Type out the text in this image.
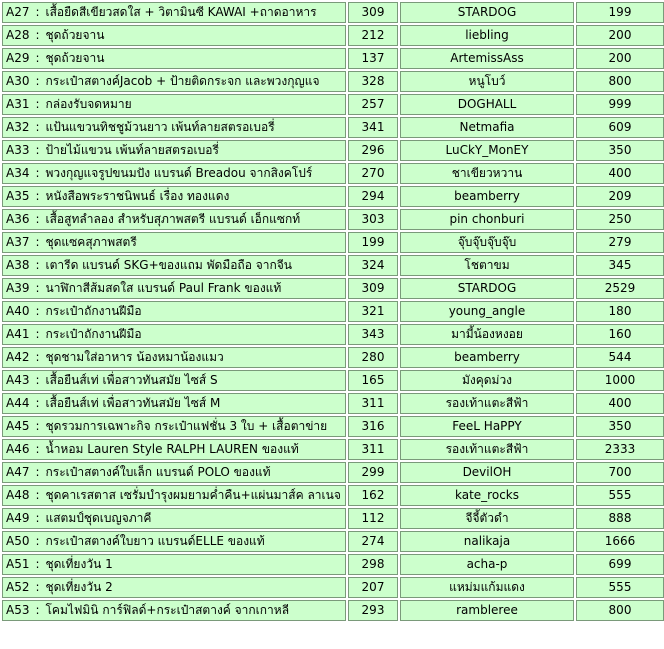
A27 : เสื้อยืดสีเขียวสดใส + วิตามินซี KAWAI +ถาดอาหาร	309	STARDOG	199
A28 : ชุดถ้วยจาน	212	liebling	200
A29 : ชุดถ้วยจาน	137	ArtemissAss	200
A30 : กระเป๋าสตางค์Jacob + ป้ายติดกระจก และพวงกุญแจ	328	หนูโบว์	800
A31 : กล่องรับจดหมาย	257	DOGHALL	999
A32 : แป้นแขวนทิชชูม้วนยาว เพ้นท์ลายสตรอเบอรี่	341	Netmafia	609
A33 : ป้ายไม้แขวน เพ้นท์ลายสตรอเบอรี่	296	LuCkY_MonEY	350
A34 : พวงกุญแจรูปขนมปัง แบรนด์ Breadou จากสิงคโปร์	270	ชาเขียวหวาน	400
A35 : หนังสือพระราชนิพนธ์ เรื่อง ทองแดง	294	beamberry	209
A36 : เสื้อสูทลำลอง สำหรับสุภาพสตรี แบรนด์ เอ็กแซกท์	303	pin chonburi	250
A37 : ชุดแซคสุภาพสตรี	199	จุ๊บจุ๊บจุ๊บจุ๊บ	279
A38 : เตารีด แบรนด์ SKG+ของแถม พัดมือถือ จากจีน	324	โชตาขม	345
A39 : นาฬิกาสีส้มสดใส แบรนด์ Paul Frank ของแท้	309	STARDOG	2529
A40 : กระเป๋าถักงานฝีมือ	321	young_angle	180
A41 : กระเป๋าถักงานฝีมือ	343	มามี้น้องหงอย	160
A42 : ชุดชามใส่อาหาร น้องหมาน้องแมว	280	beamberry	544
A43 : เสื้อยืนส์เท่ เพื่อสาวทันสมัย ไซส์ S	165	มังคุดม่วง	1000
A44 : เสื้อยืนส์เท่ เพื่อสาวทันสมัย ไซส์ M	311	รองเท้าแตะสีฟ้า	400
A45 : ชุดรวมการเฉพาะกิจ กระเป๋าแฟชั่น 3 ใบ + เสื้อตาข่าย	316	FeeL HaPPY	350
A46 : น้ำหอม Lauren Style RALPH LAUREN ของแท้	311	รองเท้าแตะสีฟ้า	2333
A47 : กระเป๋าสตางค์ใบเล็ก แบรนด์ POLO ของแท้	299	DevilOH	700
A48 : ชุดคาเรสตาส เซรั่มบำรุงผมยามค่ำคืน+แผ่นมาส์ค ลาเนจ	162	kate_rocks	555
A49 : แสตมป์ชุดเบญจภาคี	112	จีจี้ตัวดำ	888
A50 : กระเป๋าสตางค์ใบยาว แบรนด์ELLE ของแท้	274	nalikaja	1666
A51 : ชุดเที่ยงวัน 1	298	acha-p	699
A52 : ชุดเที่ยงวัน 2	207	แหม่มแก้มแดง	555
A53 : โคมไฟมินิ การ์ฟิลด์+กระเป๋าสตางค์ จากเกาหลี	293	rambleree	800
